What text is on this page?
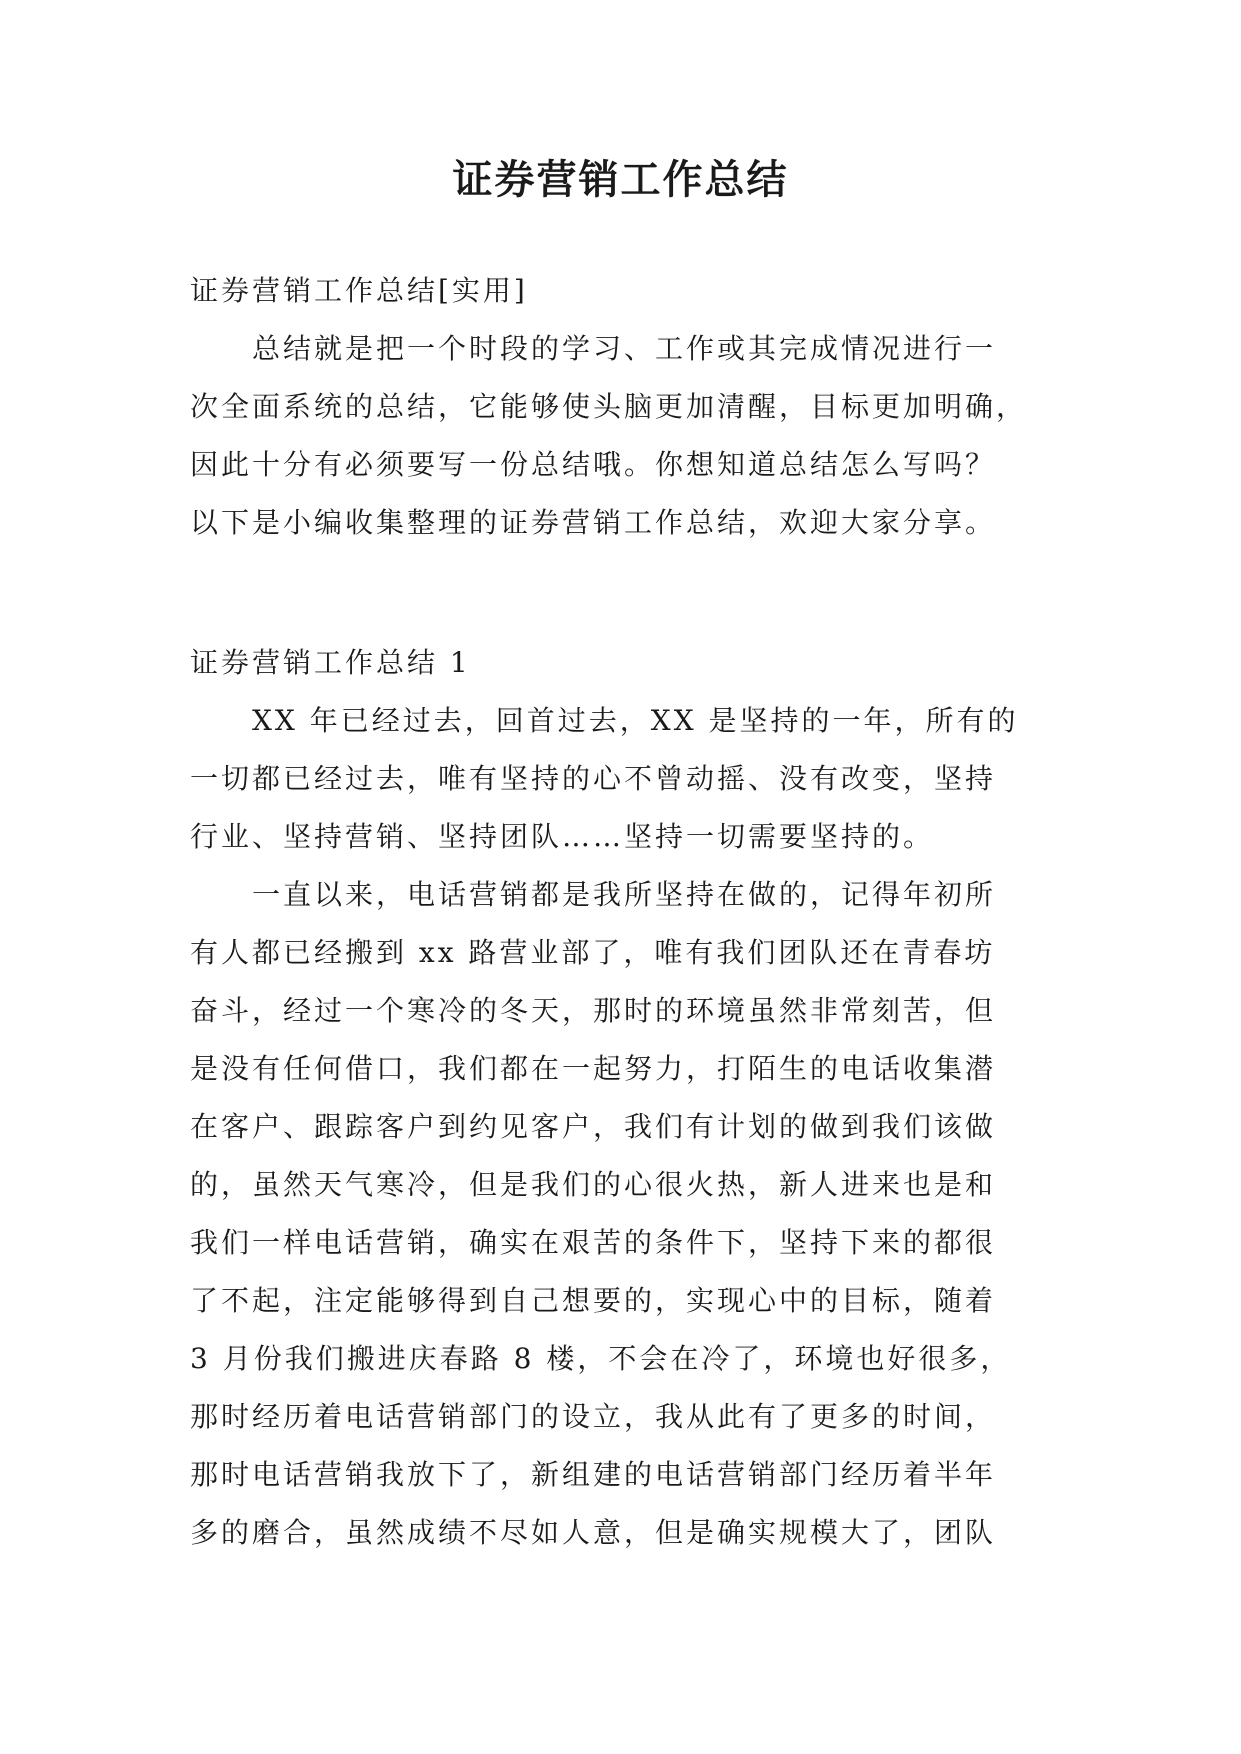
证券营销工作总结
证券营销工作总结[实用]
总结就是把一个时段的学习、工作或其完成情况进行一
次全面系统的总结，它能够使头脑更加清醒，目标更加明确，
因此十分有必须要写一份总结哦。你想知道总结怎么写吗？
以下是小编收集整理的证券营销工作总结，欢迎大家分享。
证券营销工作总结 1
XX 年已经过去，回首过去，XX 是坚持的一年，所有的
一切都已经过去，唯有坚持的心不曾动摇、没有改变，坚持
行业、坚持营销、坚持团队……坚持一切需要坚持的。
一直以来，电话营销都是我所坚持在做的，记得年初所
有人都已经搬到 xx 路营业部了，唯有我们团队还在青春坊
奋斗，经过一个寒冷的冬天，那时的环境虽然非常刻苦，但
是没有任何借口，我们都在一起努力，打陌生的电话收集潜
在客户、跟踪客户到约见客户，我们有计划的做到我们该做
的，虽然天气寒冷，但是我们的心很火热，新人进来也是和
我们一样电话营销，确实在艰苦的条件下，坚持下来的都很
了不起，注定能够得到自己想要的，实现心中的目标，随着
3 月份我们搬进庆春路 8 楼，不会在冷了，环境也好很多，
那时经历着电话营销部门的设立，我从此有了更多的时间，
那时电话营销我放下了，新组建的电话营销部门经历着半年
多的磨合，虽然成绩不尽如人意，但是确实规模大了，团队
